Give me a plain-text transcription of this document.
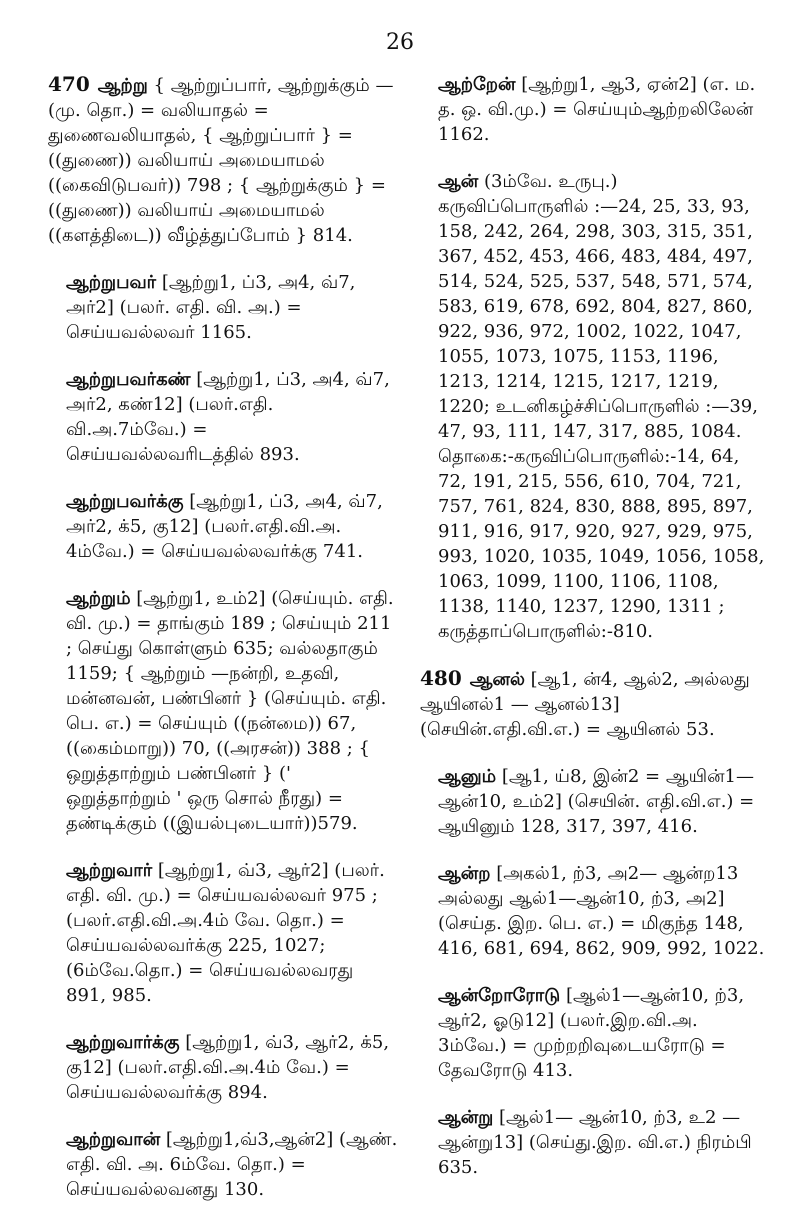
26

470 ஆற்று { ஆற்றுப்பார், ஆற்றுக்கும் — (மு. தொ.) = வலியாதல் = துணைவலியாதல், { ஆற்றுப்பார் } = ((துணை)) வலியாய் அமையாமல் ((கைவிடுபவர்)) 798 ; { ஆற்றுக்கும் } = ((துணை)) வலியாய் அமையாமல் ((களத்திடை)) வீழ்த்துப்போம் } 814.

ஆற்றுபவர் [ஆற்று1, ப்3, அ4, வ்7, அர்2] (பலர். எதி. வி. அ.) = செய்யவல்லவர் 1165.

ஆற்றுபவர்கண் [ஆற்று1, ப்3, அ4, வ்7, அர்2, கண்12] (பலர்.எதி. வி.அ.7ம்வே.) = செய்யவல்லவரிடத்தில் 893.

ஆற்றுபவர்க்கு [ஆற்று1, ப்3, அ4, வ்7, அர்2, க்5, கு12] (பலர்.எதி.வி.அ. 4ம்வே.) = செய்யவல்லவர்க்கு 741.

ஆற்றும் [ஆற்று1, உம்2] (செய்யும். எதி. வி. மு.) = தாங்கும் 189 ; செய்யும் 211 ; செய்து கொள்ளும் 635; வல்லதாகும் 1159; { ஆற்றும் —நன்றி, உதவி, மன்னவன், பண்பினர் } (செய்யும். எதி. பெ. எ.) = செய்யும் ((நன்மை)) 67, ((கைம்மாறு)) 70, ((அரசன்)) 388 ; { ஒறுத்தாற்றும் பண்பினர் } (' ஒறுத்தாற்றும் ' ஒரு சொல் நீரது) = தண்டிக்கும் ((இயல்புடையார்))579.

ஆற்றுவார் [ஆற்று1, வ்3, ஆர்2] (பலர். எதி. வி. மு.) = செய்யவல்லவர் 975 ; (பலர்.எதி.வி.அ.4ம் வே. தொ.) = செய்யவல்லவர்க்கு 225, 1027; (6ம்வே.தொ.) = செய்யவல்லவரது 891, 985.

ஆற்றுவார்க்கு [ஆற்று1, வ்3, ஆர்2, க்5, கு12] (பலர்.எதி.வி.அ.4ம் வே.) = செய்யவல்லவர்க்கு 894.

ஆற்றுவான் [ஆற்று1,வ்3,ஆன்2] (ஆண். எதி. வி. அ. 6ம்வே. தொ.) = செய்யவல்லவனது 130.

ஆற்றேன் [ஆற்று1, ஆ3, ஏன்2] (எ. ம. த. ஒ. வி.மு.) = செய்யும்ஆற்றலிலேன் 1162.

ஆன் (3ம்வே. உருபு.) கருவிப்பொருளில் :—24, 25, 33, 93, 158, 242, 264, 298, 303, 315, 351, 367, 452, 453, 466, 483, 484, 497, 514, 524, 525, 537, 548, 571, 574, 583, 619, 678, 692, 804, 827, 860, 922, 936, 972, 1002, 1022, 1047, 1055, 1073, 1075, 1153, 1196, 1213, 1214, 1215, 1217, 1219, 1220; உடனிகழ்ச்சிப்பொருளில் :—39, 47, 93, 111, 147, 317, 885, 1084. தொகை:-கருவிப்பொருளில்:-14, 64, 72, 191, 215, 556, 610, 704, 721, 757, 761, 824, 830, 888, 895, 897, 911, 916, 917, 920, 927, 929, 975, 993, 1020, 1035, 1049, 1056, 1058, 1063, 1099, 1100, 1106, 1108, 1138, 1140, 1237, 1290, 1311 ; கருத்தாப்பொருளில்:-810.

480 ஆனல் [ஆ1, ன்4, ஆல்2, அல்லது ஆயினல்1 — ஆனல்13] (செயின்.எதி.வி.எ.) = ஆயினல் 53.

ஆனும் [ஆ1, ய்8, இன்2 = ஆயின்1—ஆன்10, உம்2] (செயின். எதி.வி.எ.) = ஆயினும் 128, 317, 397, 416.

ஆன்ற [அகல்1, ற்3, அ2— ஆன்ற13 அல்லது ஆல்1—ஆன்10, ற்3, அ2] (செய்த. இற. பெ. எ.) = மிகுந்த 148, 416, 681, 694, 862, 909, 992, 1022.

ஆன்றோரோடு [ஆல்1—ஆன்10, ற்3, ஆர்2, ஓடு12] (பலர்.இற.வி.அ. 3ம்வே.) = முற்றறிவுடையரோடு = தேவரோடு 413.

ஆன்று [ஆல்1— ஆன்10, ற்3, உ2 —ஆன்று13] (செய்து.இற. வி.எ.) நிரம்பி 635.
